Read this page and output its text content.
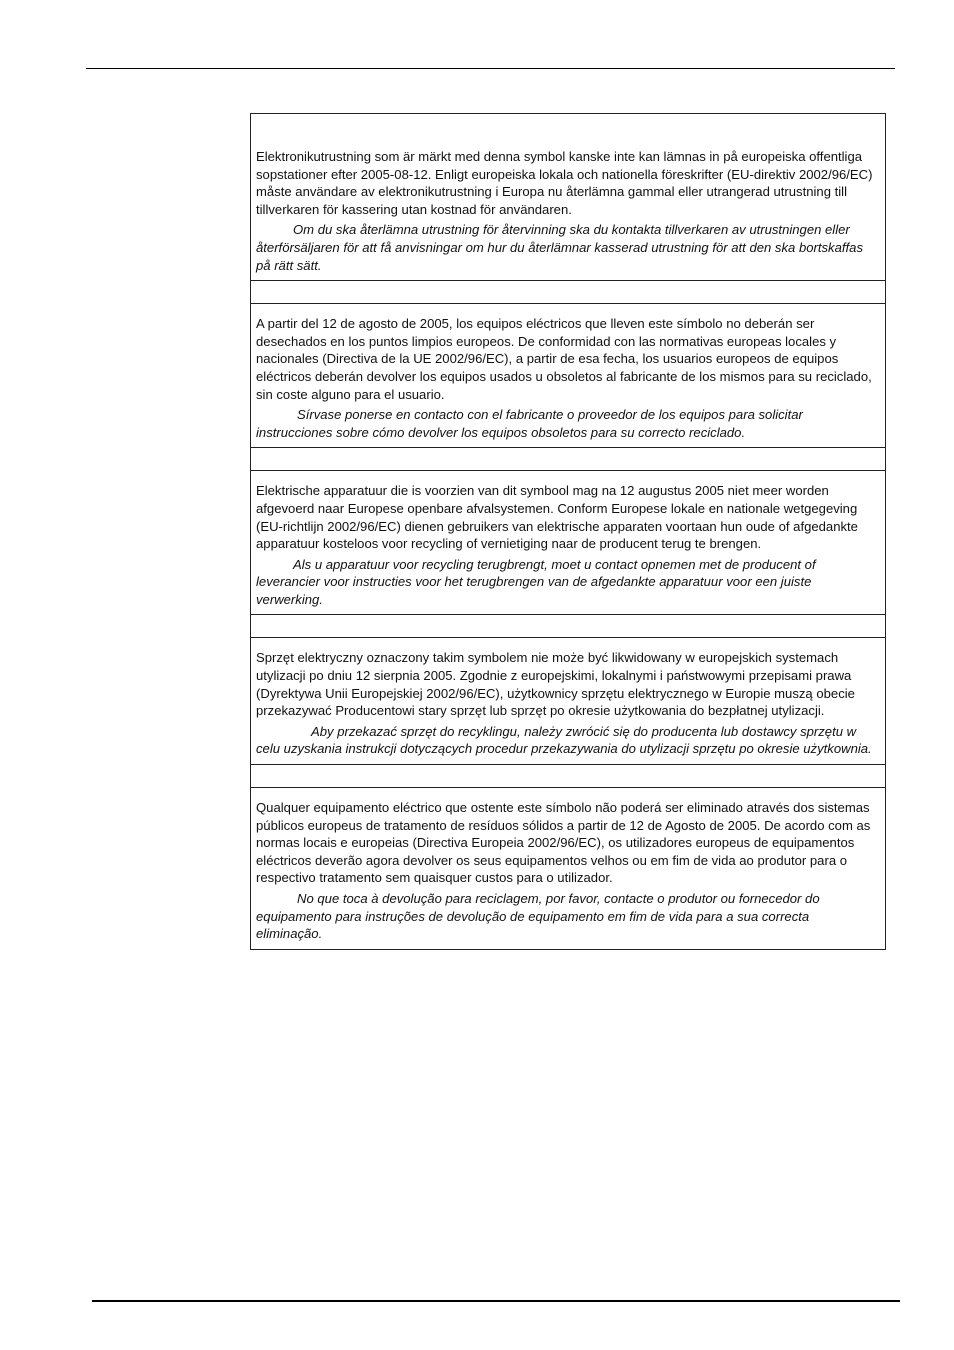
Elektronikutrustning som är märkt med denna symbol kanske inte kan lämnas in på europeiska offentliga sopstationer efter 2005-08-12. Enligt europeiska lokala och nationella föreskrifter (EU-direktiv 2002/96/EC) måste användare av elektronikutrustning i Europa nu återlämna gammal eller utrangerad utrustning till tillverkaren för kassering utan kostnad för användaren.

Om du ska återlämna utrustning för återvinning ska du kontakta tillverkaren av utrustningen eller återförsäljaren för att få anvisningar om hur du återlämnar kasserad utrustning för att den ska bortskaffas på rätt sätt.

A partir del 12 de agosto de 2005, los equipos eléctricos que lleven este símbolo no deberán ser desechados en los puntos limpios europeos. De conformidad con las normativas europeas locales y nacionales (Directiva de la UE 2002/96/EC), a partir de esa fecha, los usuarios europeos de equipos eléctricos deberán devolver los equipos usados u obsoletos al fabricante de los mismos para su reciclado, sin coste alguno para el usuario.

Sírvase ponerse en contacto con el fabricante o proveedor de los equipos para solicitar instrucciones sobre cómo devolver los equipos obsoletos para su correcto reciclado.

Elektrische apparatuur die is voorzien van dit symbool mag na 12 augustus 2005 niet meer worden afgevoerd naar Europese openbare afvalsystemen. Conform Europese lokale en nationale wetgegeving (EU-richtlijn 2002/96/EC) dienen gebruikers van elektrische apparaten voortaan hun oude of afgedankte apparatuur kosteloos voor recycling of vernietiging naar de producent terug te brengen.

Als u apparatuur voor recycling terugbrengt, moet u contact opnemen met de producent of leverancier voor instructies voor het terugbrengen van de afgedankte apparatuur voor een juiste verwerking.

Sprzęt elektryczny oznaczony takim symbolem nie może być likwidowany w europejskich systemach utylizacji po dniu 12 sierpnia 2005. Zgodnie z europejskimi, lokalnymi i państwowymi przepisami prawa (Dyrektywa Unii Europejskiej 2002/96/EC), użytkownicy sprzętu elektrycznego w Europie muszą obecie przekazywać Producentowi stary sprzęt lub sprzęt po okresie użytkowania do bezpłatnej utylizacji.

Aby przekazać sprzęt do recyklingu, należy zwrócić się do producenta lub dostawcy sprzętu w celu uzyskania instrukcji dotyczących procedur przekazywania do utylizacji sprzętu po okresie użytkownia.

Qualquer equipamento eléctrico que ostente este símbolo não poderá ser eliminado através dos sistemas públicos europeus de tratamento de resíduos sólidos a partir de 12 de Agosto de 2005. De acordo com as normas locais e europeias (Directiva Europeia 2002/96/EC), os utilizadores europeus de equipamentos eléctricos deverão agora devolver os seus equipamentos velhos ou em fim de vida ao produtor para o respectivo tratamento sem quaisquer custos para o utilizador.

No que toca à devolução para reciclagem, por favor, contacte o produtor ou fornecedor do equipamento para instruções de devolução de equipamento em fim de vida para a sua correcta eliminação.
